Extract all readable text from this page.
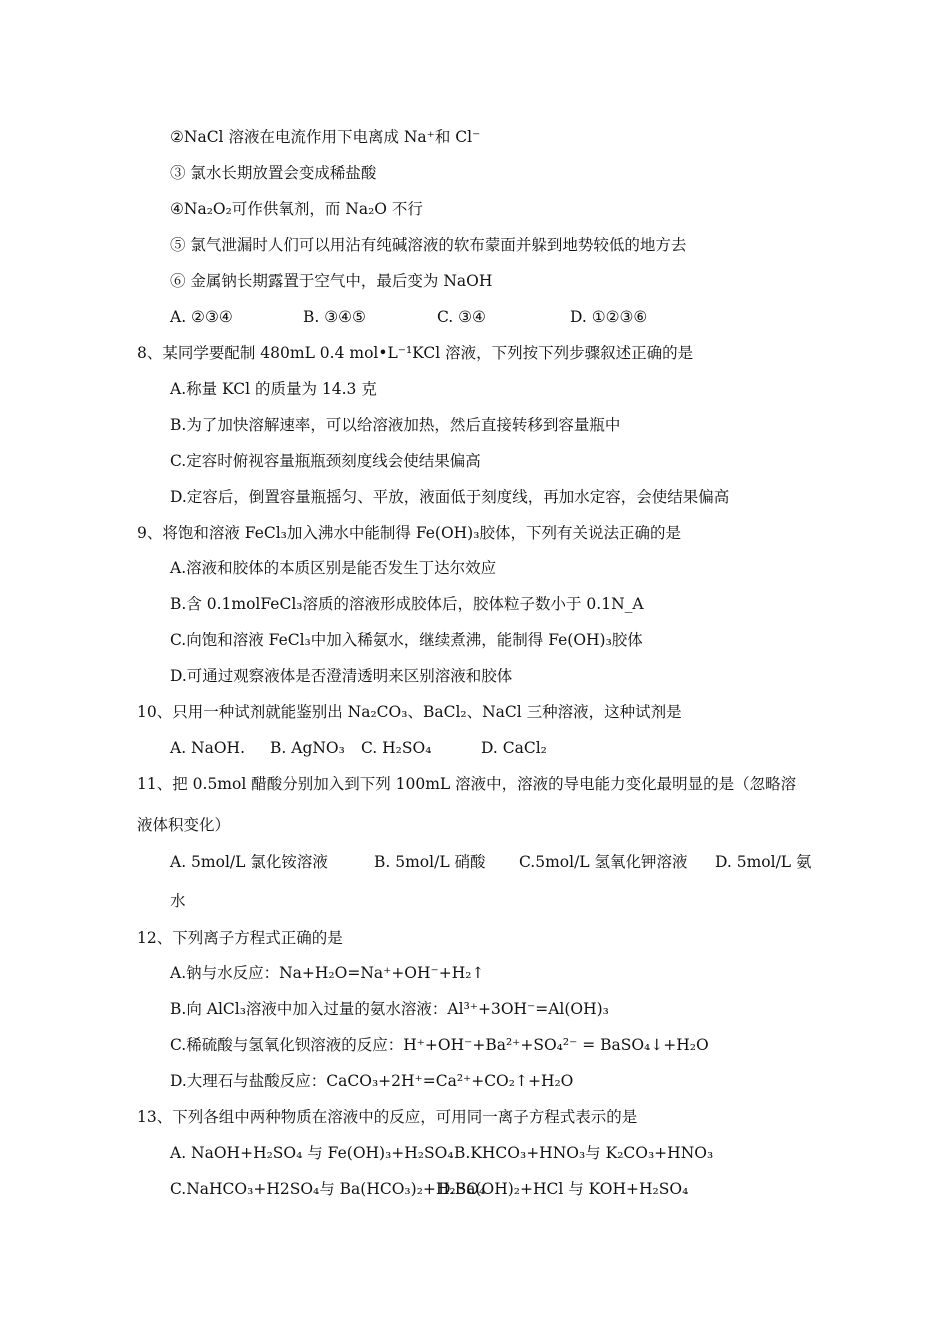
②NaCl 溶液在电流作用下电离成 Na⁺和 Cl⁻
③ 氯水长期放置会变成稀盐酸
④Na₂O₂可作供氧剂，而 Na₂O 不行
⑤ 氯气泄漏时人们可以用沾有纯碱溶液的软布蒙面并躲到地势较低的地方去
⑥ 金属钠长期露置于空气中，最后变为 NaOH
A. ②③④	B. ③④⑤	C. ③④	D. ①②③⑥
8、某同学要配制 480mL 0.4 mol•L⁻¹KCl 溶液，下列按下列步骤叙述正确的是
A.称量 KCl 的质量为 14.3 克
B.为了加快溶解速率，可以给溶液加热，然后直接转移到容量瓶中
C.定容时俯视容量瓶瓶颈刻度线会使结果偏高
D.定容后，倒置容量瓶摇匀、平放，液面低于刻度线，再加水定容，会使结果偏高
9、将饱和溶液 FeCl₃加入沸水中能制得 Fe(OH)₃胶体，下列有关说法正确的是
A.溶液和胶体的本质区别是能否发生丁达尔效应
B.含 0.1molFeCl₃溶质的溶液形成胶体后，胶体粒子数小于 0.1N_A
C.向饱和溶液 FeCl₃中加入稀氨水，继续煮沸，能制得 Fe(OH)₃胶体
D.可通过观察液体是否澄清透明来区别溶液和胶体
10、只用一种试剂就能鉴别出 Na₂CO₃、BaCl₂、NaCl 三种溶液，这种试剂是
A. NaOH. B. AgNO₃ C. H₂SO₄	D. CaCl₂
11、把 0.5mol 醋酸分别加入到下列 100mL 溶液中，溶液的导电能力变化最明显的是（忽略溶
液体积变化）
A. 5mol/L 氯化铵溶液	B. 5mol/L 硝酸 C.5mol/L 氢氧化钾溶液 D. 5mol/L 氨
水
12、下列离子方程式正确的是
A.钠与水反应：Na+H₂O=Na⁺+OH⁻+H₂↑
B.向 AlCl₃溶液中加入过量的氨水溶液：Al³⁺+3OH⁻=Al(OH)₃
C.稀硫酸与氢氧化钡溶液的反应：H⁺+OH⁻+Ba²⁺+SO₄²⁻ = BaSO₄↓+H₂O
D.大理石与盐酸反应：CaCO₃+2H⁺=Ca²⁺+CO₂↑+H₂O
13、下列各组中两种物质在溶液中的反应，可用同一离子方程式表示的是
A. NaOH+H₂SO₄ 与 Fe(OH)₃+H₂SO₄ B.KHCO₃+HNO₃与 K₂CO₃+HNO₃
C.NaHCO₃+H2SO₄与 Ba(HCO₃)₂+H₂SO₄
D.Ba(OH)₂+HCl 与 KOH+H₂SO₄
